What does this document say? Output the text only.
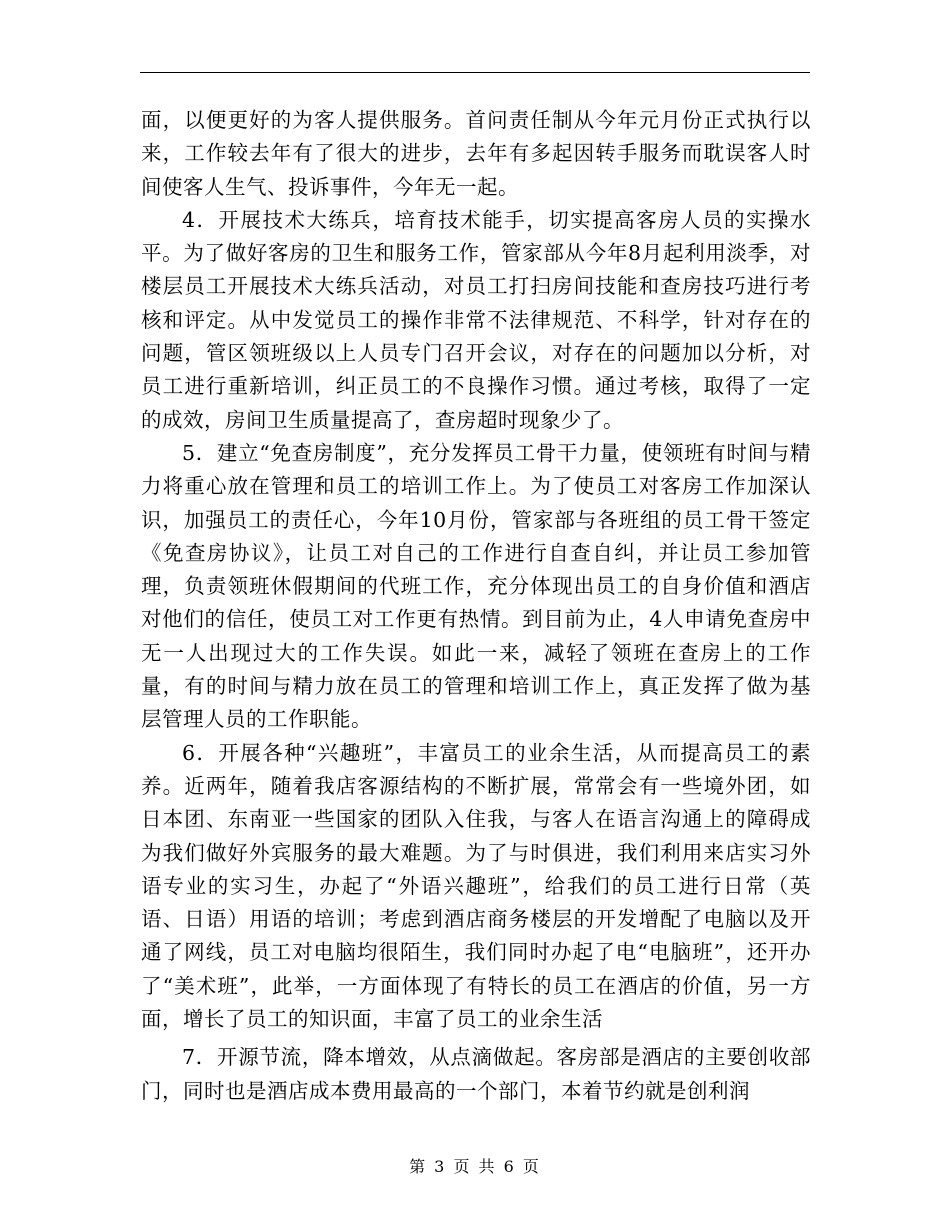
面，以便更好的为客人提供服务。首问责任制从今年元月份正式执行以来，工作较去年有了很大的进步，去年有多起因转手服务而耽误客人时间使客人生气、投诉事件，今年无一起。

4．开展技术大练兵，培育技术能手，切实提高客房人员的实操水平。为了做好客房的卫生和服务工作，管家部从今年8月起利用淡季，对楼层员工开展技术大练兵活动，对员工打扫房间技能和查房技巧进行考核和评定。从中发觉员工的操作非常不法律规范、不科学，针对存在的问题，管区领班级以上人员专门召开会议，对存在的问题加以分析，对员工进行重新培训，纠正员工的不良操作习惯。通过考核，取得了一定的成效，房间卫生质量提高了，查房超时现象少了。

5．建立“免查房制度”，充分发挥员工骨干力量，使领班有时间与精力将重心放在管理和员工的培训工作上。为了使员工对客房工作加深认识，加强员工的责任心，今年10月份，管家部与各班组的员工骨干签定《免查房协议》，让员工对自己的工作进行自查自纠，并让员工参加管理，负责领班休假期间的代班工作，充分体现出员工的自身价值和酒店对他们的信任，使员工对工作更有热情。到目前为止，4人申请免查房中无一人出现过大的工作失误。如此一来，减轻了领班在查房上的工作量，有的时间与精力放在员工的管理和培训工作上，真正发挥了做为基层管理人员的工作职能。

6．开展各种“兴趣班”，丰富员工的业余生活，从而提高员工的素养。近两年，随着我店客源结构的不断扩展，常常会有一些境外团，如日本团、东南亚一些国家的团队入住我，与客人在语言沟通上的障碍成为我们做好外宾服务的最大难题。为了与时俱进，我们利用来店实习外语专业的实习生，办起了“外语兴趣班”，给我们的员工进行日常（英语、日语）用语的培训；考虑到酒店商务楼层的开发增配了电脑以及开通了网线，员工对电脑均很陌生，我们同时办起了电“电脑班”，还开办了“美术班”，此举，一方面体现了有特长的员工在酒店的价值，另一方面，增长了员工的知识面，丰富了员工的业余生活

7．开源节流，降本增效，从点滴做起。客房部是酒店的主要创收部门，同时也是酒店成本费用最高的一个部门，本着节约就是创利润

第 3 页 共 6 页
